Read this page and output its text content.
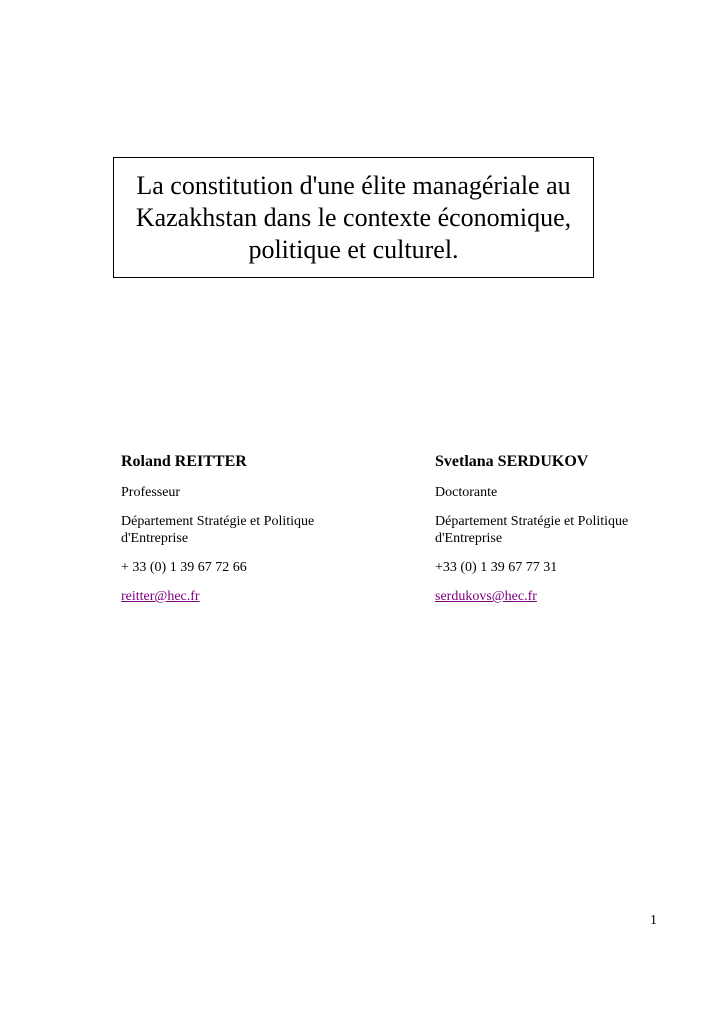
La constitution d'une élite managériale au
Kazakhstan dans le contexte économique,
politique et culturel.
Roland REITTER
Professeur
Département Stratégie et Politique
d'Entreprise
+ 33 (0) 1 39 67 72 66
reitter@hec.fr
Svetlana SERDUKOV
Doctorante
Département Stratégie et Politique
d'Entreprise
+33 (0) 1 39 67 77 31
serdukovs@hec.fr
1
